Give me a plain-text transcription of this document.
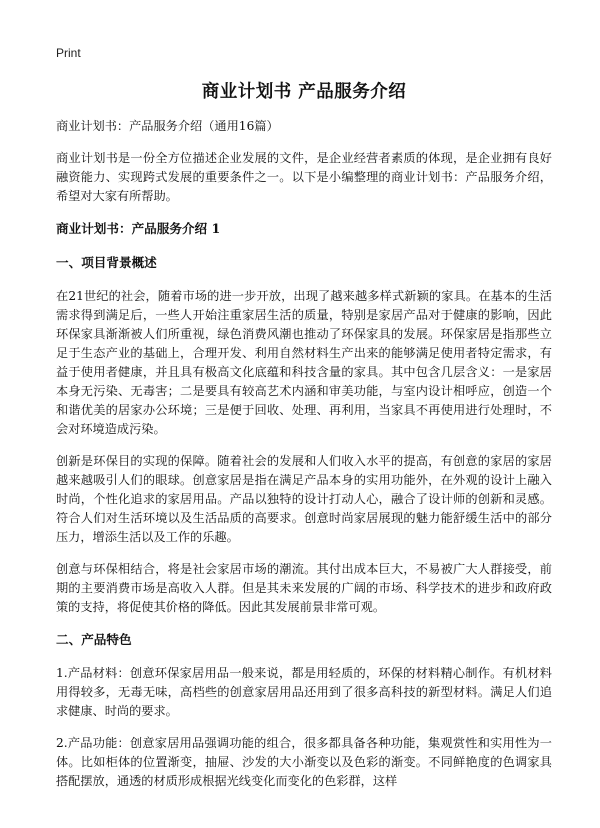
Print
商业计划书 产品服务介绍

商业计划书：产品服务介绍（通用16篇）

商业计划书是一份全方位描述企业发展的文件，是企业经营者素质的体现，是企业拥有良好融资能力、实现跨式发展的重要条件之一。以下是小编整理的商业计划书：产品服务介绍，希望对大家有所帮助。

商业计划书：产品服务介绍 1

一、项目背景概述

在21世纪的社会，随着市场的进一步开放，出现了越来越多样式新颖的家具。在基本的生活需求得到满足后，一些人开始注重家居生活的质量，特别是家居产品对于健康的影响，因此环保家具渐渐被人们所重视，绿色消费风潮也推动了环保家具的发展。环保家居是指那些立足于生态产业的基础上，合理开发、利用自然材料生产出来的能够满足使用者特定需求，有益于使用者健康，并且具有极高文化底蕴和科技含量的家具。其中包含几层含义：一是家居本身无污染、无毒害；二是要具有较高艺术内涵和审美功能，与室内设计相呼应，创造一个和谐优美的居家办公环境；三是便于回收、处理、再利用，当家具不再使用进行处理时，不会对环境造成污染。

创新是环保目的实现的保障。随着社会的发展和人们收入水平的提高，有创意的家居的家居越来越吸引人们的眼球。创意家居是指在满足产品本身的实用功能外，在外观的设计上融入时尚，个性化追求的家居用品。产品以独特的设计打动人心，融合了设计师的创新和灵感。符合人们对生活环境以及生活品质的高要求。创意时尚家居展现的魅力能舒缓生活中的部分压力，增添生活以及工作的乐趣。

创意与环保相结合，将是社会家居市场的潮流。其付出成本巨大，不易被广大人群接受，前期的主要消费市场是高收入人群。但是其未来发展的广阔的市场、科学技术的进步和政府政策的支持，将促使其价格的降低。因此其发展前景非常可观。

二、产品特色

1.产品材料：创意环保家居用品一般来说，都是用轻质的，环保的材料精心制作。有机材料用得较多，无毒无味，高档些的创意家居用品还用到了很多高科技的新型材料。满足人们追求健康、时尚的要求。

2.产品功能：创意家居用品强调功能的组合，很多都具备各种功能，集观赏性和实用性为一体。比如柜体的位置渐变，抽屉、沙发的大小渐变以及色彩的渐变。不同鲜艳度的色调家具搭配摆放，通透的材质形成根据光线变化而变化的色彩群，这样
